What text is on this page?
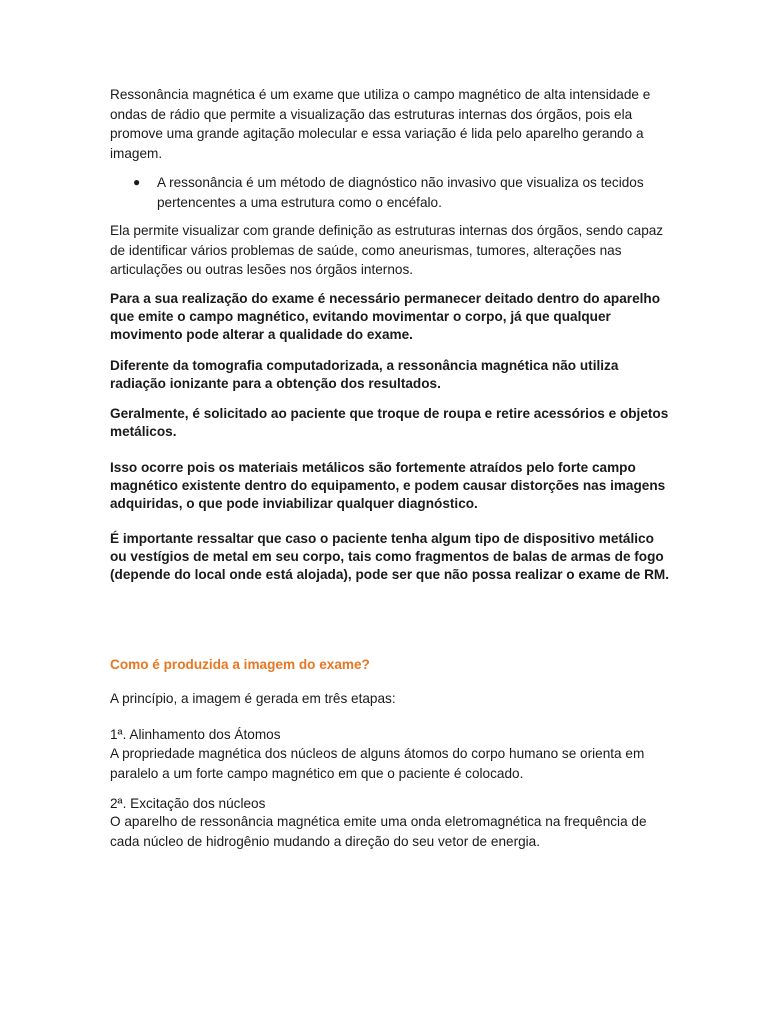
Ressonância magnética é um exame que utiliza o campo magnético de alta intensidade e ondas de rádio que permite a visualização das estruturas internas dos órgãos, pois ela promove uma grande agitação molecular e essa variação é lida pelo aparelho gerando a imagem.

● A ressonância é um método de diagnóstico não invasivo que visualiza os tecidos pertencentes a uma estrutura como o encéfalo.

Ela permite visualizar com grande definição as estruturas internas dos órgãos, sendo capaz de identificar vários problemas de saúde, como aneurismas, tumores, alterações nas articulações ou outras lesões nos órgãos internos.

Para a sua realização do exame é necessário permanecer deitado dentro do aparelho que emite o campo magnético, evitando movimentar o corpo, já que qualquer movimento pode alterar a qualidade do exame.

Diferente da tomografia computadorizada, a ressonância magnética não utiliza radiação ionizante para a obtenção dos resultados.

Geralmente, é solicitado ao paciente que troque de roupa e retire acessórios e objetos metálicos.

Isso ocorre pois os materiais metálicos são fortemente atraídos pelo forte campo magnético existente dentro do equipamento, e podem causar distorções nas imagens adquiridas, o que pode inviabilizar qualquer diagnóstico.

É importante ressaltar que caso o paciente tenha algum tipo de dispositivo metálico ou vestígios de metal em seu corpo, tais como fragmentos de balas de armas de fogo (depende do local onde está alojada), pode ser que não possa realizar o exame de RM.

Como é produzida a imagem do exame?

A princípio, a imagem é gerada em três etapas:

1ª. Alinhamento dos Átomos

A propriedade magnética dos núcleos de alguns átomos do corpo humano se orienta em paralelo a um forte campo magnético em que o paciente é colocado.

2ª. Excitação dos núcleos

O aparelho de ressonância magnética emite uma onda eletromagnética na frequência de cada núcleo de hidrogênio mudando a direção do seu vetor de energia.
